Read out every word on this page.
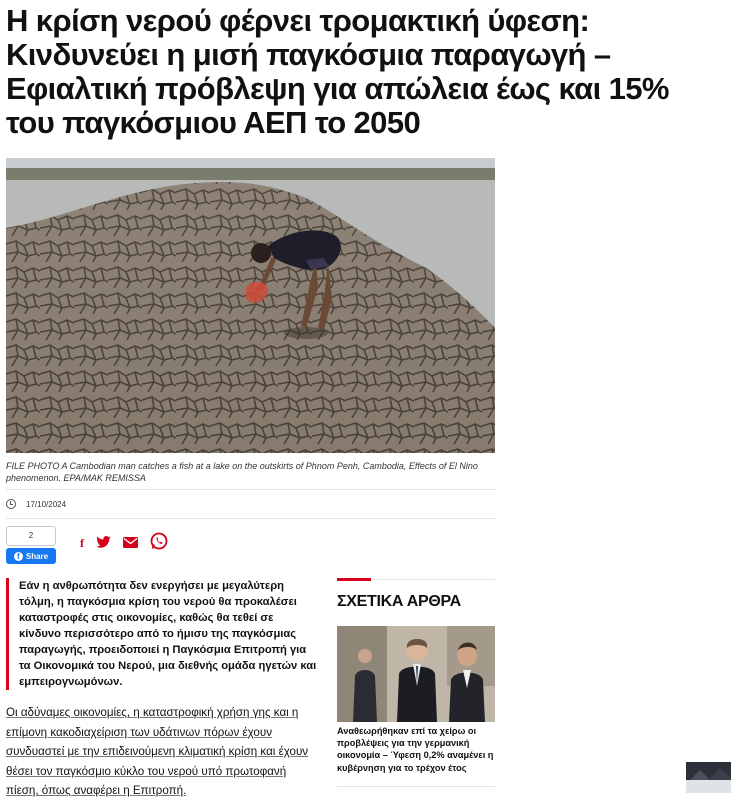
Η κρίση νερού φέρνει τρομακτική ύφεση:
Κινδυνεύει η μισή παγκόσμια παραγωγή –
Εφιαλτική πρόβλεψη για απώλεια έως και 15%
του παγκόσμιου ΑΕΠ το 2050
FILE PHOTO A Cambodian man catches a fish at a lake on the outskirts of Phnom Penh, Cambodia, Effects of El Nino phenomenon. EPA/MAK REMISSA
17/10/2024
2
f Share
f
Εάν η ανθρωπότητα δεν ενεργήσει με μεγαλύτερη τόλμη, η παγκόσμια κρίση του νερού θα προκαλέσει καταστροφές στις οικονομίες, καθώς θα τεθεί σε κίνδυνο περισσότερο από το ήμισυ της παγκόσμιας παραγωγής, προειδοποιεί η Παγκόσμια Επιτροπή για τα Οικονομικά του Νερού, μια διεθνής ομάδα ηγετών και εμπειρογνωμόνων.
Οι αδύναμες οικονομίες, η καταστροφική χρήση γης και η επίμονη κακοδιαχείριση των υδάτινων πόρων έχουν συνδυαστεί με την επιδεινούμενη κλιματική κρίση και έχουν θέσει τον παγκόσμιο κύκλο του νερού υπό πρωτοφανή πίεση, όπως αναφέρει η Επιτροπή.
ΣΧΕΤΙΚΑ ΑΡΘΡΑ
Αναθεωρήθηκαν επί τα χείρω οι προβλέψεις για την γερμανική οικονομία – Ύφεση 0,2% αναμένει η κυβέρνηση για το τρέχον έτος
